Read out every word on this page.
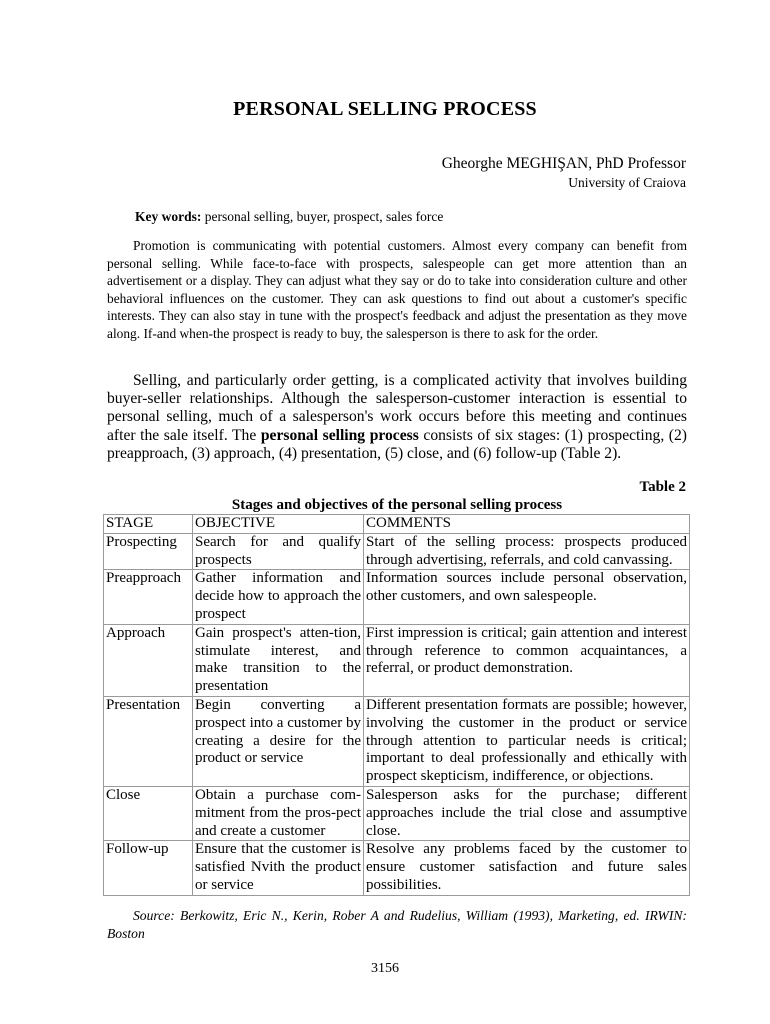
PERSONAL SELLING PROCESS
Gheorghe MEGHIŞAN, PhD Professor
University of Craiova
Key words: personal selling, buyer, prospect, sales force
Promotion is communicating with potential customers. Almost every company can benefit from personal selling. While face-to-face with prospects, salespeople can get more attention than an advertisement or a display. They can adjust what they say or do to take into consideration culture and other behavioral influences on the customer. They can ask questions to find out about a customer's specific interests. They can also stay in tune with the prospect's feedback and adjust the presentation as they move along. If-and when-the prospect is ready to buy, the salesperson is there to ask for the order.
Selling, and particularly order getting, is a complicated activity that involves building buyer-seller relationships. Although the salesperson-customer interaction is essential to personal selling, much of a salesperson's work occurs before this meeting and continues after the sale itself. The personal selling process consists of six stages: (1) prospecting, (2) preapproach, (3) approach, (4) presentation, (5) close, and (6) follow-up (Table 2).
Table 2
Stages and objectives of the personal selling process
STAGE	OBJECTIVE	COMMENTS
Prospecting	Search for and qualify prospects	Start of the selling process: prospects produced through advertising, referrals, and cold canvassing.
Preapproach	Gather information and decide how to approach the prospect	Information sources include personal observation, other customers, and own salespeople.
Approach	Gain prospect's atten-tion, stimulate interest, and make transition to the presentation	First impression is critical; gain attention and interest through reference to common acquaintances, a referral, or product demonstration.
Presentation	Begin converting a prospect into a customer by creating a desire for the product or service	Different presentation formats are possible; however, involving the customer in the product or service through attention to particular needs is critical; important to deal professionally and ethically with prospect skepticism, indifference, or objections.
Close	Obtain a purchase com-mitment from the pros-pect and create a customer	Salesperson asks for the purchase; different approaches include the trial close and assumptive close.
Follow-up	Ensure that the customer is satisfied Nvith the product or service	Resolve any problems faced by the customer to ensure customer satisfaction and future sales possibilities.
Source: Berkowitz, Eric N., Kerin, Rober A and Rudelius, William (1993), Marketing, ed. IRWIN: Boston
3156
